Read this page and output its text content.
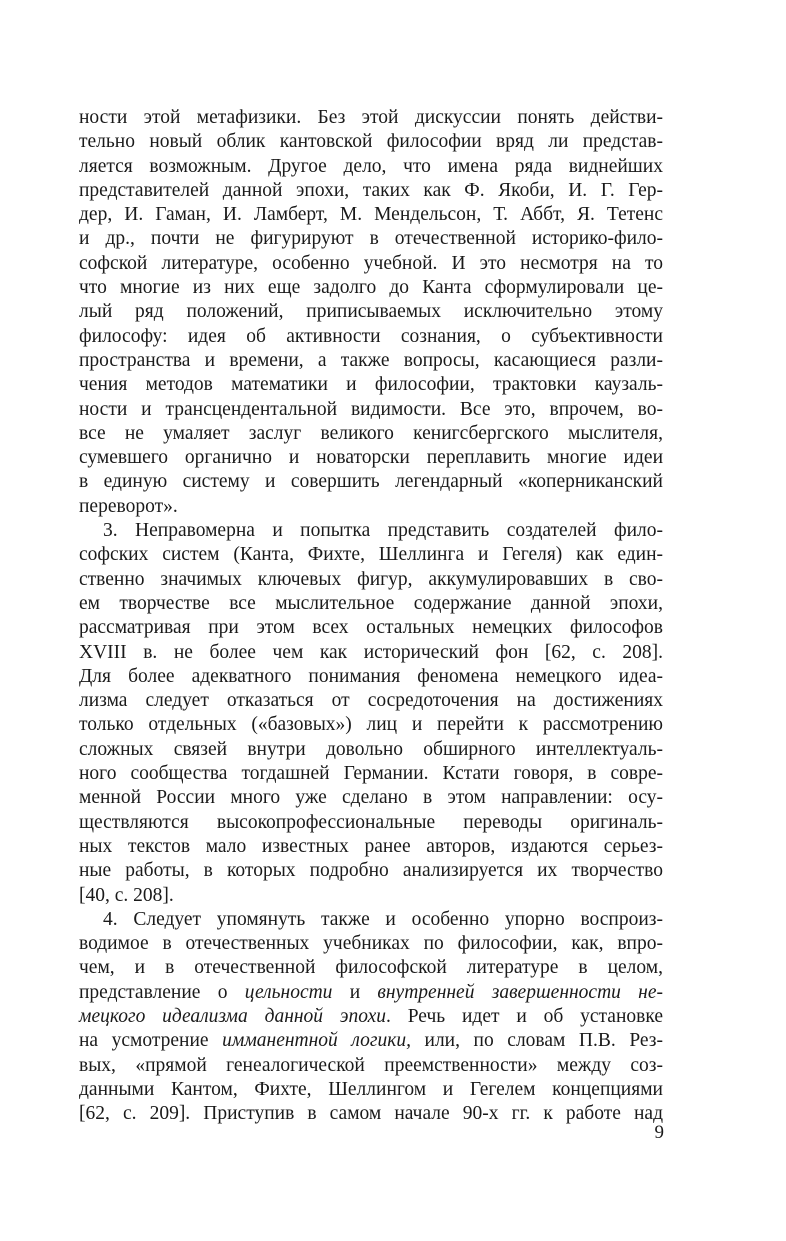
ности этой метафизики. Без этой дискуссии понять действи-
тельно новый облик кантовской философии вряд ли представ-
ляется возможным. Другое дело, что имена ряда виднейших
представителей данной эпохи, таких как Ф. Якоби, И. Г. Гер-
дер, И. Гаман, И. Ламберт, М. Мендельсон, Т. Аббт, Я. Тетенс
и др., почти не фигурируют в отечественной историко-фило-
софской литературе, особенно учебной. И это несмотря на то
что многие из них еще задолго до Канта сформулировали це-
лый ряд положений, приписываемых исключительно этому
философу: идея об активности сознания, о субъективности
пространства и времени, а также вопросы, касающиеся разли-
чения методов математики и философии, трактовки каузаль-
ности и трансцендентальной видимости. Все это, впрочем, во-
все не умаляет заслуг великого кенигсбергского мыслителя,
сумевшего органично и новаторски переплавить многие идеи
в единую систему и совершить легендарный «коперниканский
переворот».
3. Неправомерна и попытка представить создателей фило-
софских систем (Канта, Фихте, Шеллинга и Гегеля) как един-
ственно значимых ключевых фигур, аккумулировавших в сво-
ем творчестве все мыслительное содержание данной эпохи,
рассматривая при этом всех остальных немецких философов
XVIII в. не более чем как исторический фон [62, с. 208].
Для более адекватного понимания феномена немецкого идеа-
лизма следует отказаться от сосредоточения на достижениях
только отдельных («базовых») лиц и перейти к рассмотрению
сложных связей внутри довольно обширного интеллектуаль-
ного сообщества тогдашней Германии. Кстати говоря, в совре-
менной России много уже сделано в этом направлении: осу-
ществляются высокопрофессиональные переводы оригиналь-
ных текстов мало известных ранее авторов, издаются серьез-
ные работы, в которых подробно анализируется их творчество
[40, с. 208].
4. Следует упомянуть также и особенно упорно воспроиз-
водимое в отечественных учебниках по философии, как, впро-
чем, и в отечественной философской литературе в целом,
представление о цельности и внутренней завершенности не-
мецкого идеализма данной эпохи. Речь идет и об установке
на усмотрение имманентной логики, или, по словам П.В. Рез-
вых, «прямой генеалогической преемственности» между соз-
данными Кантом, Фихте, Шеллингом и Гегелем концепциями
[62, с. 209]. Приступив в самом начале 90-х гг. к работе над
9
